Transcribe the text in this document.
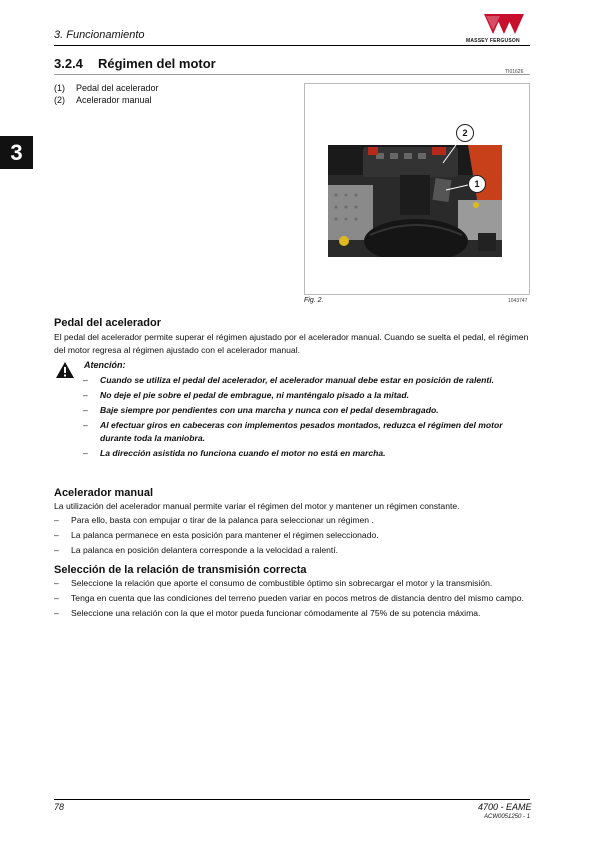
3. Funcionamiento	MASSEY FERGUSON
3
3.2.4 Régimen del motor
TI01626
(1) Pedal del acelerador
(2) Acelerador manual
2
1
Fig. 2.	1043747
Pedal del acelerador
El pedal del acelerador permite superar el régimen ajustado por el acelerador manual. Cuando se suelta el pedal, el régimen del motor regresa al régimen ajustado con el acelerador manual.
Atención:
– Cuando se utiliza el pedal del acelerador, el acelerador manual debe estar en posición de ralenti.
– No deje el pie sobre el pedal de embrague, ni manténgalo pisado a la mitad.
– Baje siempre por pendientes con una marcha y nunca con el pedal desembragado.
– Al efectuar giros en cabeceras con implementos pesados montados, reduzca el régimen del motor durante toda la maniobra.
– La dirección asistida no funciona cuando el motor no está en marcha.
Acelerador manual
La utilización del acelerador manual permite variar el régimen del motor y mantener un régimen constante.
– Para ello, basta con empujar o tirar de la palanca para seleccionar un régimen .
– La palanca permanece en esta posición para mantener el régimen seleccionado.
– La palanca en posición delantera corresponde a la velocidad a ralentí.
Selección de la relación de transmisión correcta
– Seleccione la relación que aporte el consumo de combustible óptimo sin sobrecargar el motor y la transmisión.
– Tenga en cuenta que las condiciones del terreno pueden variar en pocos metros de distancia dentro del mismo campo.
– Seleccione una relación con la que el motor pueda funcionar cómodamente al 75% de su potencia máxima.
78	4700 - EAME
ACW0051250 - 1
